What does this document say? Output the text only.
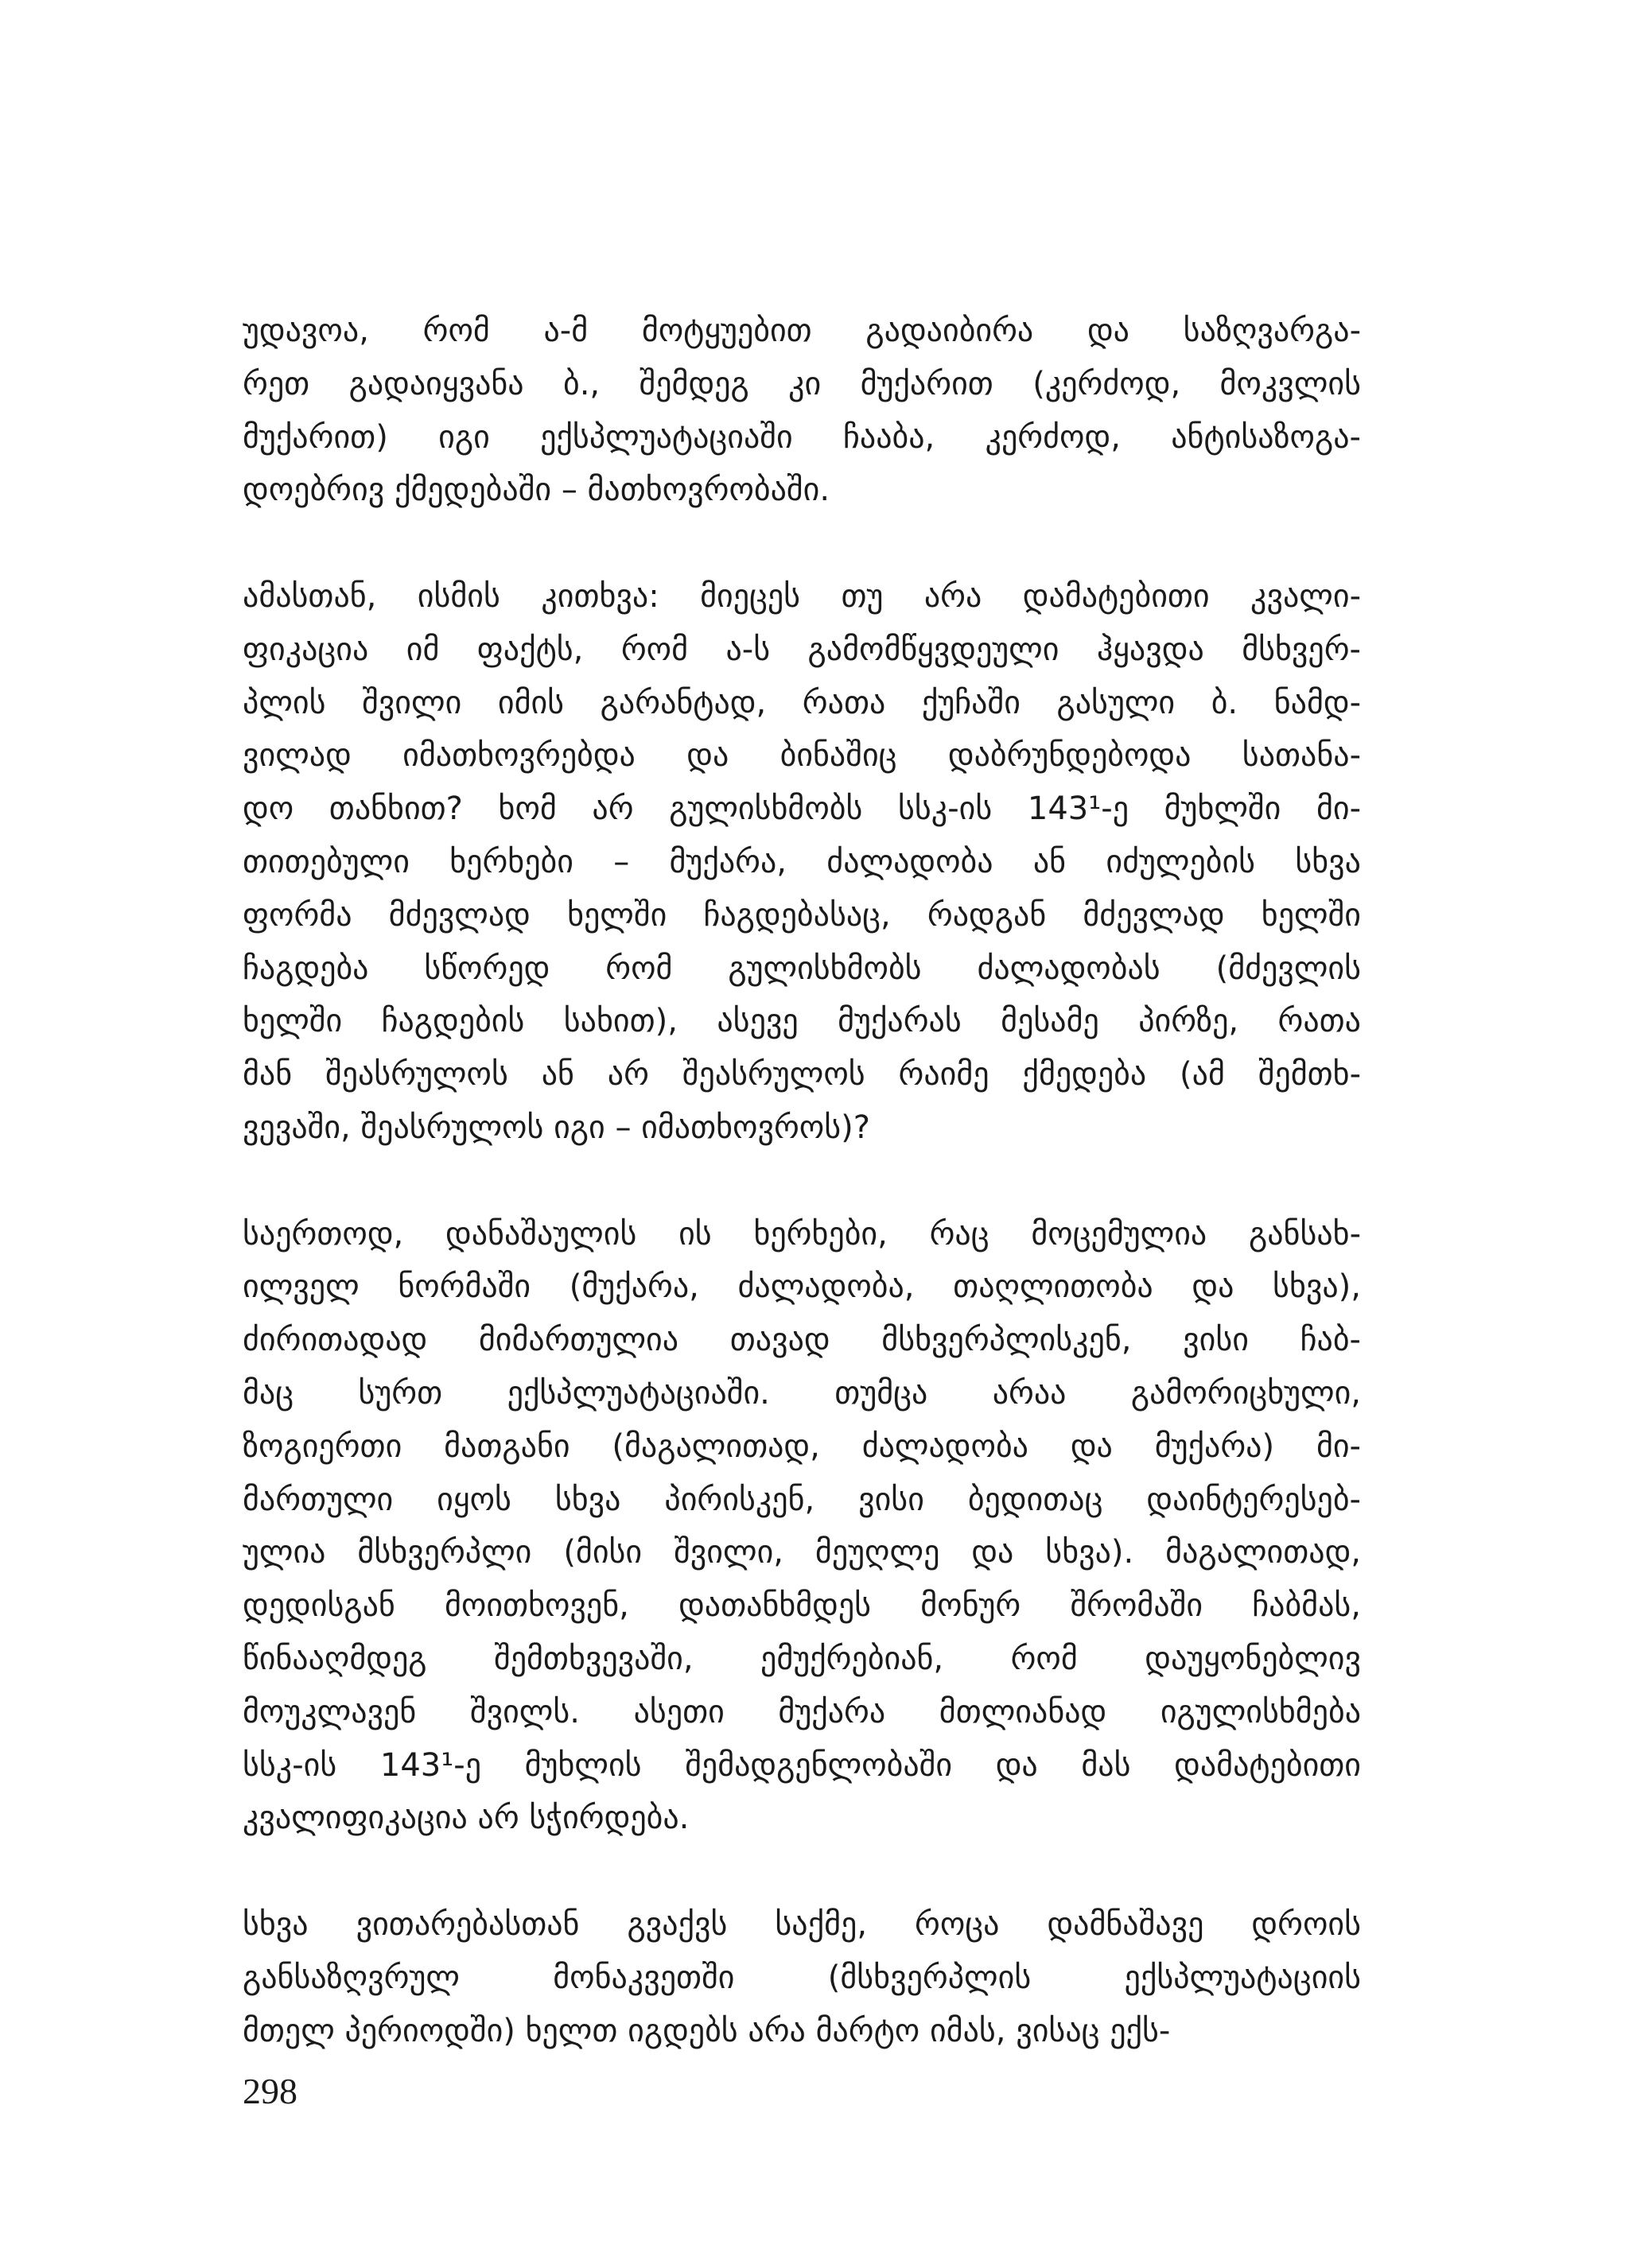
უდავოა, რომ ა-მ მოტყუებით გადაიბირა და საზღვარგა-
რეთ გადაიყვანა ბ., შემდეგ კი მუქარით (კერძოდ, მოკვლის
მუქარით) იგი ექსპლუატაციაში ჩააბა, კერძოდ, ანტისაზოგა-
დოებრივ ქმედებაში – მათხოვრობაში.
ამასთან, ისმის კითხვა: მიეცეს თუ არა დამატებითი კვალი-
ფიკაცია იმ ფაქტს, რომ ა-ს გამომწყვდეული ჰყავდა მსხვერ-
პლის შვილი იმის გარანტად, რათა ქუჩაში გასული ბ. ნამდ-
ვილად იმათხოვრებდა და ბინაშიც დაბრუნდებოდა სათანა-
დო თანხით? ხომ არ გულისხმობს სსკ-ის 143¹-ე მუხლში მი-
თითებული ხერხები – მუქარა, ძალადობა ან იძულების სხვა
ფორმა მძევლად ხელში ჩაგდებასაც, რადგან მძევლად ხელში
ჩაგდება სწორედ რომ გულისხმობს ძალადობას (მძევლის
ხელში ჩაგდების სახით), ასევე მუქარას მესამე პირზე, რათა
მან შეასრულოს ან არ შეასრულოს რაიმე ქმედება (ამ შემთხ-
ვევაში, შეასრულოს იგი – იმათხოვროს)?
საერთოდ, დანაშაულის ის ხერხები, რაც მოცემულია განსახ-
ილველ ნორმაში (მუქარა, ძალადობა, თაღლითობა და სხვა),
ძირითადად მიმართულია თავად მსხვერპლისკენ, ვისი ჩაბ-
მაც სურთ ექსპლუატაციაში. თუმცა არაა გამორიცხული,
ზოგიერთი მათგანი (მაგალითად, ძალადობა და მუქარა) მი-
მართული იყოს სხვა პირისკენ, ვისი ბედითაც დაინტერესებ-
ულია მსხვერპლი (მისი შვილი, მეუღლე და სხვა). მაგალითად,
დედისგან მოითხოვენ, დათანხმდეს მონურ შრომაში ჩაბმას,
წინააღმდეგ შემთხვევაში, ემუქრებიან, რომ დაუყონებლივ
მოუკლავენ შვილს. ასეთი მუქარა მთლიანად იგულისხმება
სსკ-ის 143¹-ე მუხლის შემადგენლობაში და მას დამატებითი
კვალიფიკაცია არ სჭირდება.
სხვა ვითარებასთან გვაქვს საქმე, როცა დამნაშავე დროის
განსაზღვრულ მონაკვეთში (მსხვერპლის ექსპლუატაციის
მთელ პერიოდში) ხელთ იგდებს არა მარტო იმას, ვისაც ექს-
298
